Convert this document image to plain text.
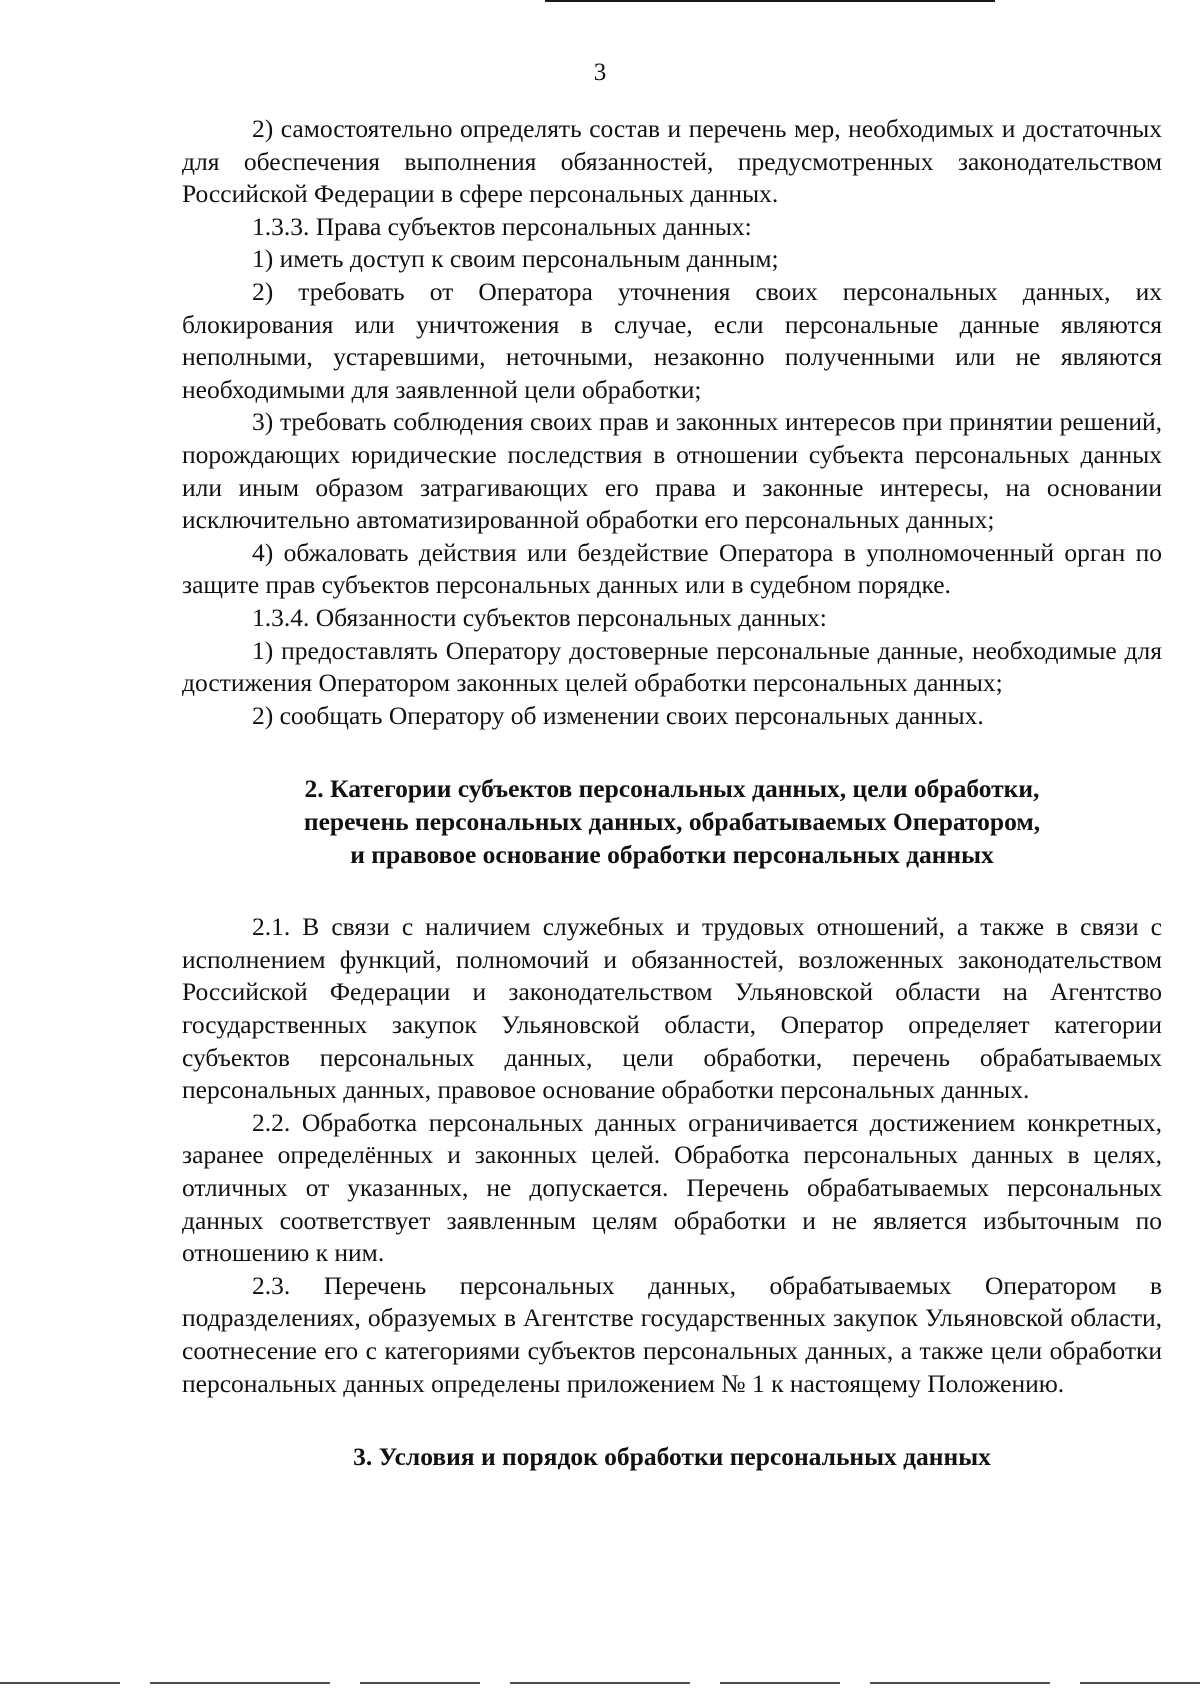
3

2) самостоятельно определять состав и перечень мер, необходимых и достаточных для обеспечения выполнения обязанностей, предусмотренных законодательством Российской Федерации в сфере персональных данных.

1.3.3. Права субъектов персональных данных:

1) иметь доступ к своим персональным данным;

2) требовать от Оператора уточнения своих персональных данных, их блокирования или уничтожения в случае, если персональные данные являются неполными, устаревшими, неточными, незаконно полученными или не являются необходимыми для заявленной цели обработки;

3) требовать соблюдения своих прав и законных интересов при принятии решений, порождающих юридические последствия в отношении субъекта персональных данных или иным образом затрагивающих его права и законные интересы, на основании исключительно автоматизированной обработки его персональных данных;

4) обжаловать действия или бездействие Оператора в уполномоченный орган по защите прав субъектов персональных данных или в судебном порядке.

1.3.4. Обязанности субъектов персональных данных:

1) предоставлять Оператору достоверные персональные данные, необходимые для достижения Оператором законных целей обработки персональных данных;

2) сообщать Оператору об изменении своих персональных данных.

2. Категории субъектов персональных данных, цели обработки,

перечень персональных данных, обрабатываемых Оператором,

и правовое основание обработки персональных данных

2.1. В связи с наличием служебных и трудовых отношений, а также в связи с исполнением функций, полномочий и обязанностей, возложенных законодательством Российской Федерации и законодательством Ульяновской области на Агентство государственных закупок Ульяновской области, Оператор определяет категории субъектов персональных данных, цели обработки, перечень обрабатываемых персональных данных, правовое основание обработки персональных данных.

2.2. Обработка персональных данных ограничивается достижением конкретных, заранее определённых и законных целей. Обработка персональных данных в целях, отличных от указанных, не допускается. Перечень обрабатываемых персональных данных соответствует заявленным целям обработки и не является избыточным по отношению к ним.

2.3. Перечень персональных данных, обрабатываемых Оператором в подразделениях, образуемых в Агентстве государственных закупок Ульяновской области, соотнесение его с категориями субъектов персональных данных, а также цели обработки персональных данных определены приложением № 1 к настоящему Положению.

3. Условия и порядок обработки персональных данных
